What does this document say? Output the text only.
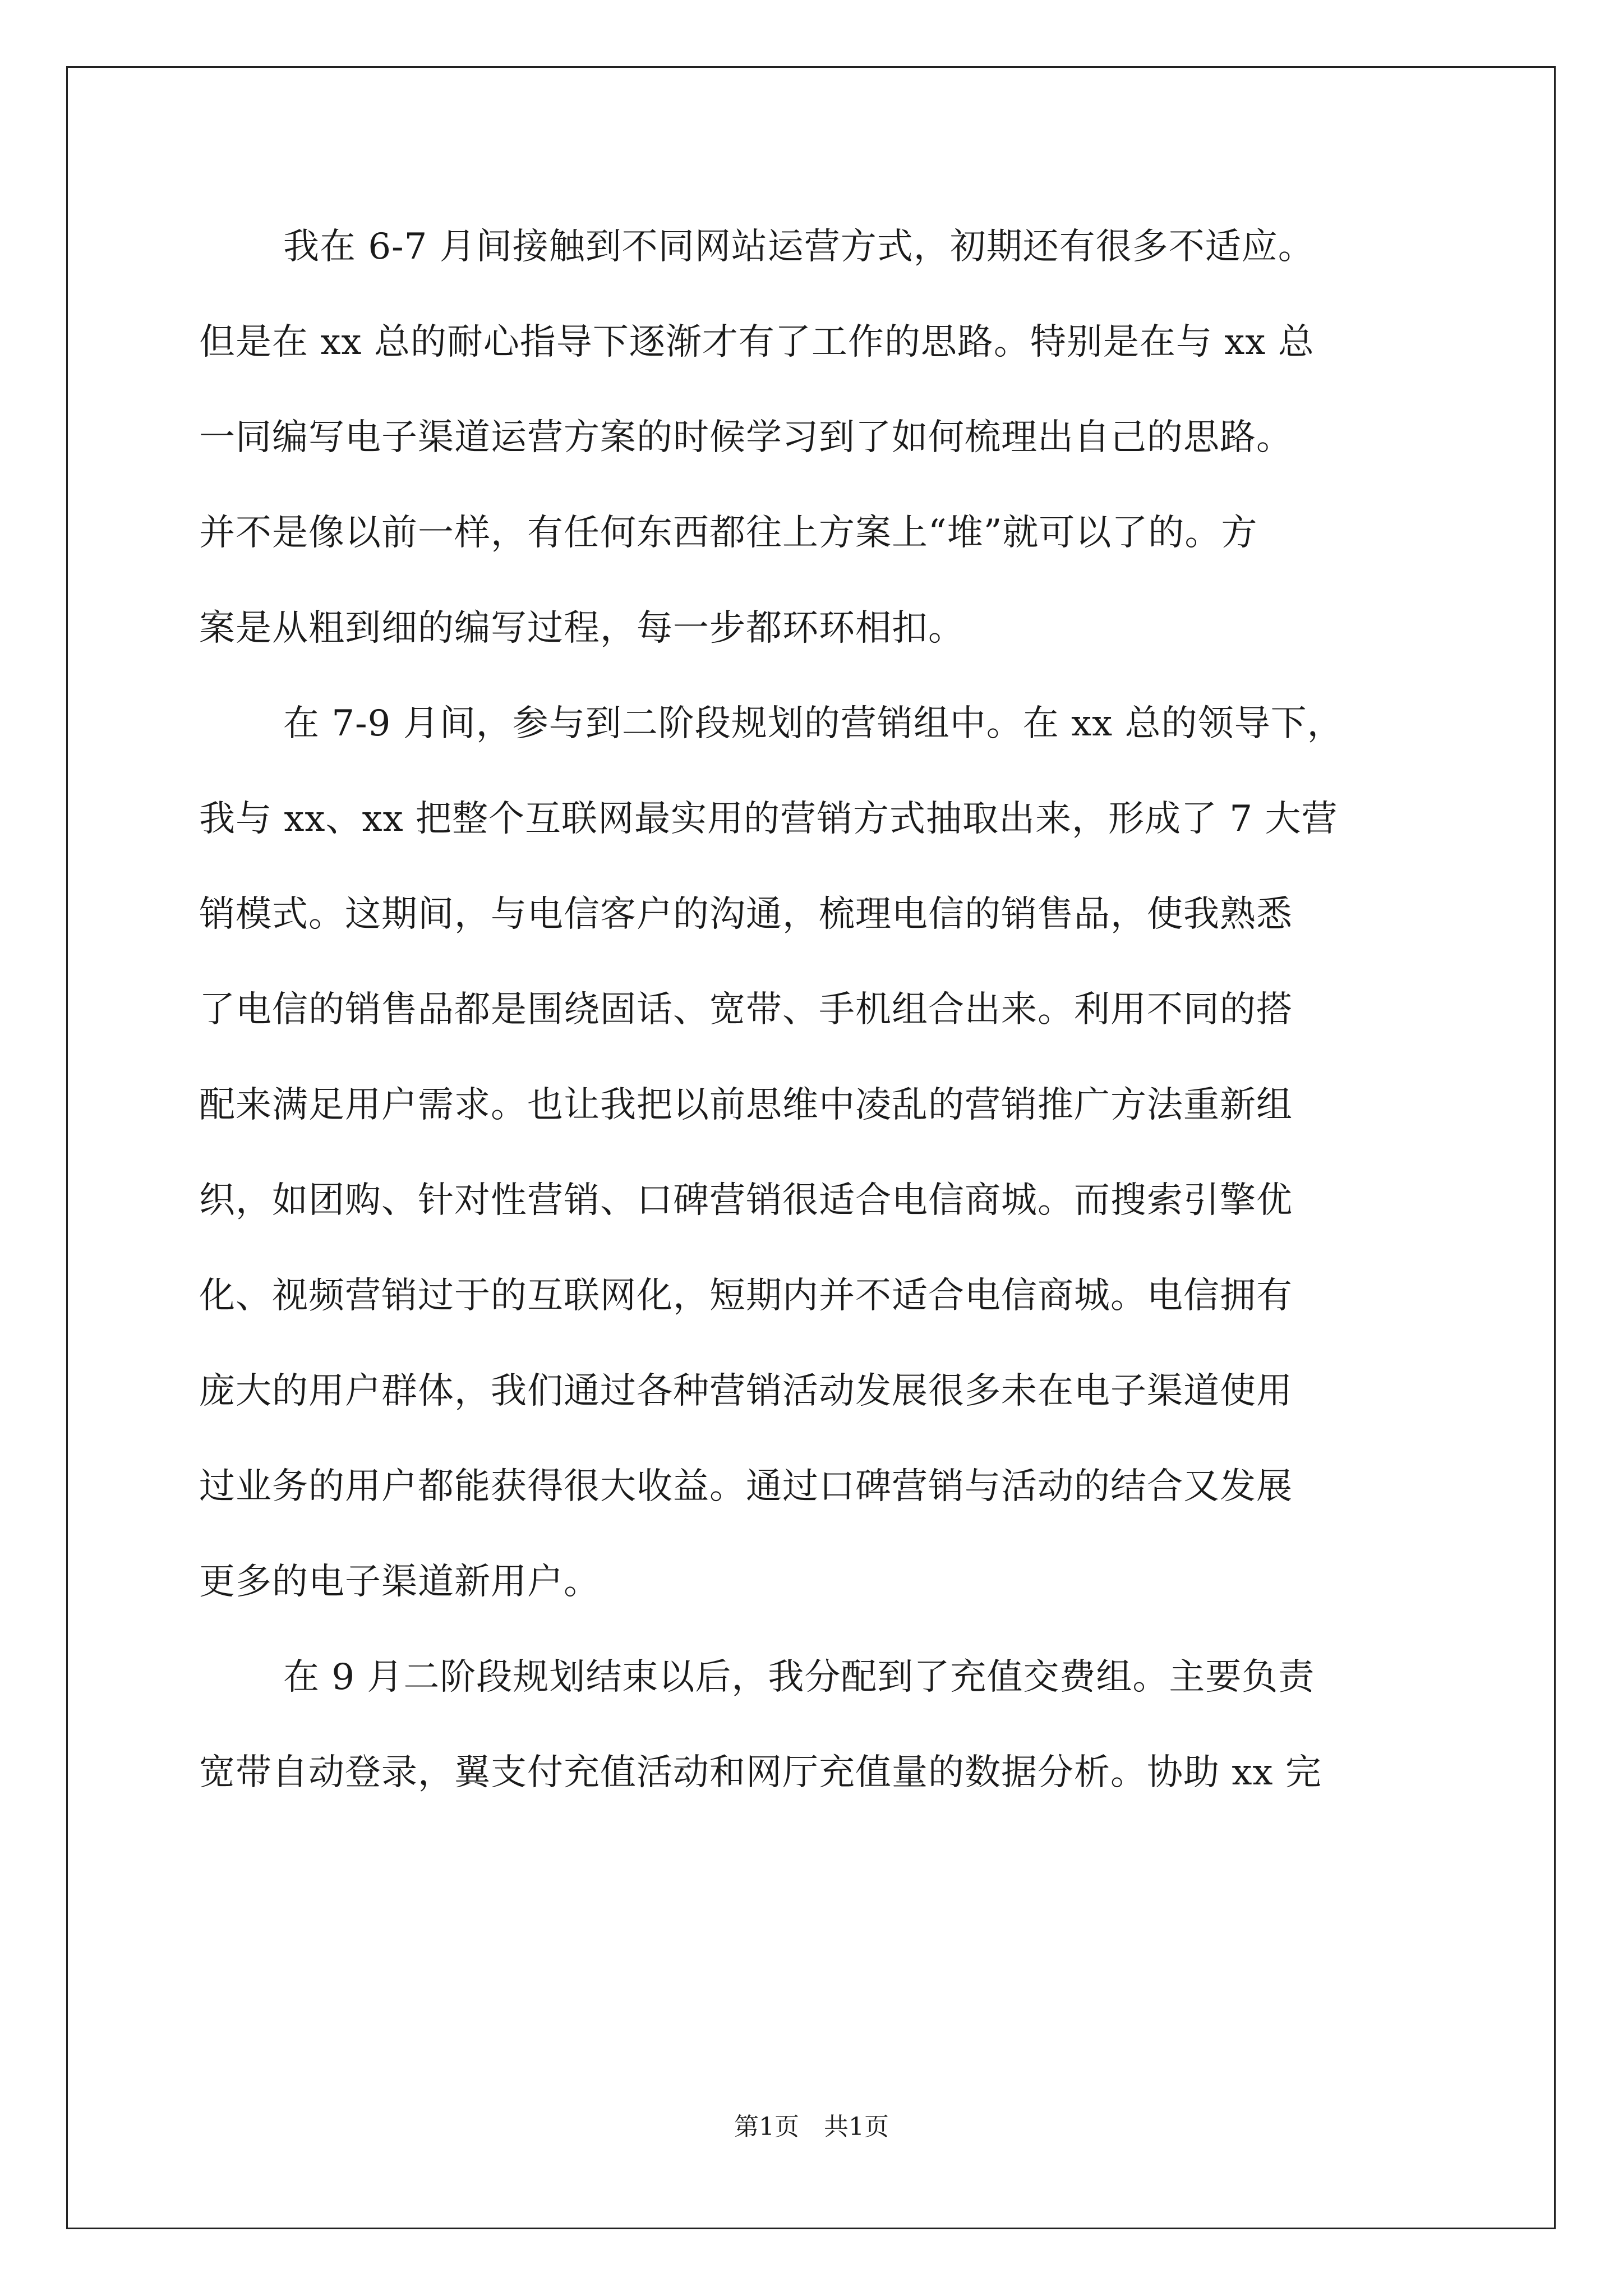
我在 6-7 月间接触到不同网站运营方式，初期还有很多不适应。
但是在 xx 总的耐心指导下逐渐才有了工作的思路。特别是在与 xx 总
一同编写电子渠道运营方案的时候学习到了如何梳理出自己的思路。
并不是像以前一样，有任何东西都往上方案上“堆”就可以了的。方
案是从粗到细的编写过程，每一步都环环相扣。
在 7-9 月间，参与到二阶段规划的营销组中。在 xx 总的领导下，
我与 xx、xx 把整个互联网最实用的营销方式抽取出来，形成了 7 大营
销模式。这期间，与电信客户的沟通，梳理电信的销售品，使我熟悉
了电信的销售品都是围绕固话、宽带、手机组合出来。利用不同的搭
配来满足用户需求。也让我把以前思维中凌乱的营销推广方法重新组
织，如团购、针对性营销、口碑营销很适合电信商城。而搜索引擎优
化、视频营销过于的互联网化，短期内并不适合电信商城。电信拥有
庞大的用户群体，我们通过各种营销活动发展很多未在电子渠道使用
过业务的用户都能获得很大收益。通过口碑营销与活动的结合又发展
更多的电子渠道新用户。
在 9 月二阶段规划结束以后，我分配到了充值交费组。主要负责
宽带自动登录，翼支付充值活动和网厅充值量的数据分析。协助 xx 完
第1页　共1页
